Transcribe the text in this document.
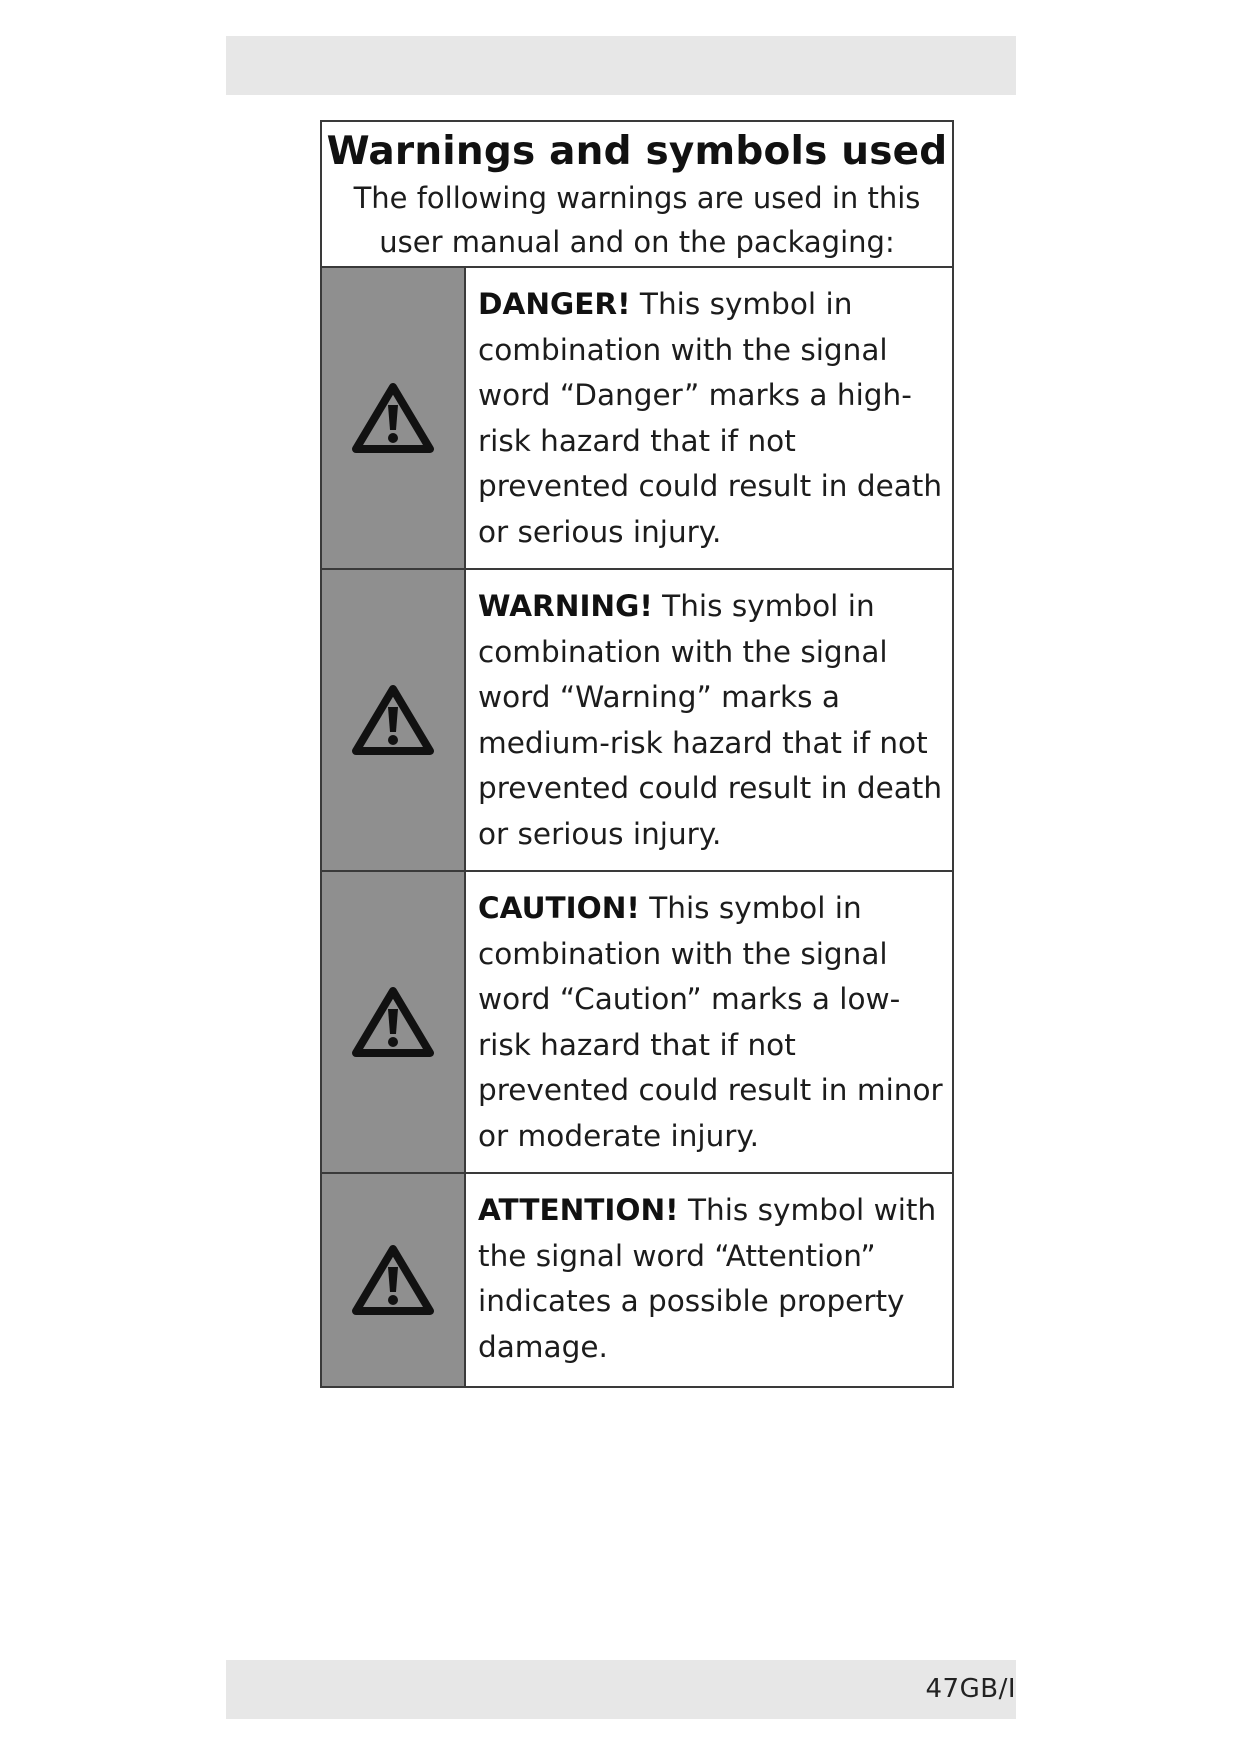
Warnings and symbols used
The following warnings are used in this user manual and on the packaging:
DANGER! This symbol in combination with the signal word “Danger” marks a high-risk hazard that if not prevented could result in death or serious injury.
WARNING! This symbol in combination with the signal word “Warning” marks a medium-risk hazard that if not prevented could result in death or serious injury.
CAUTION! This symbol in combination with the signal word “Caution” marks a low-risk hazard that if not prevented could result in minor or moderate injury.
ATTENTION! This symbol with the signal word “Attention” indicates a possible property damage.
47GB/I
